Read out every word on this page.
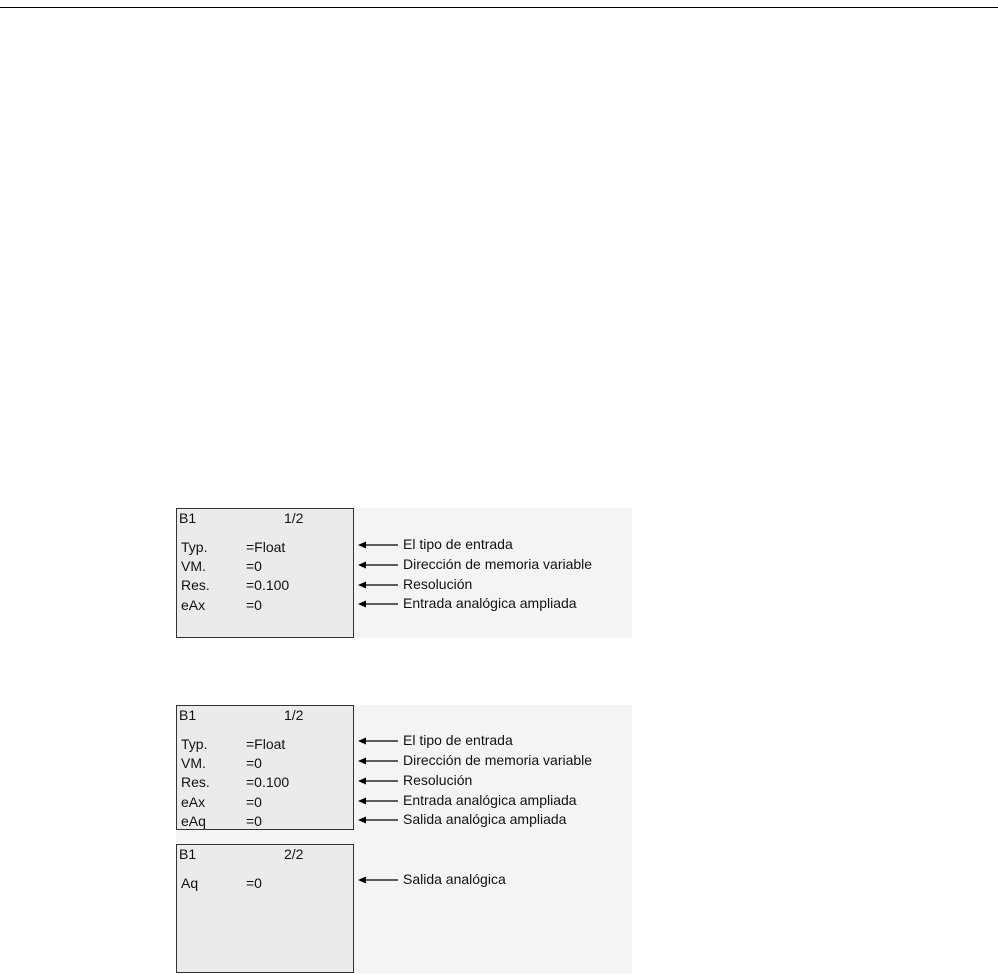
B1	1/2
Typ.	=Float
VM.	=0
Res.	=0.100
eAx	=0
El tipo de entrada
Dirección de memoria variable
Resolución
Entrada analógica ampliada
B1	1/2
Typ.	=Float
VM.	=0
Res.	=0.100
eAx	=0
eAq	=0
B1	2/2
Aq	=0
El tipo de entrada
Dirección de memoria variable
Resolución
Entrada analógica ampliada
Salida analógica ampliada
Salida analógica
